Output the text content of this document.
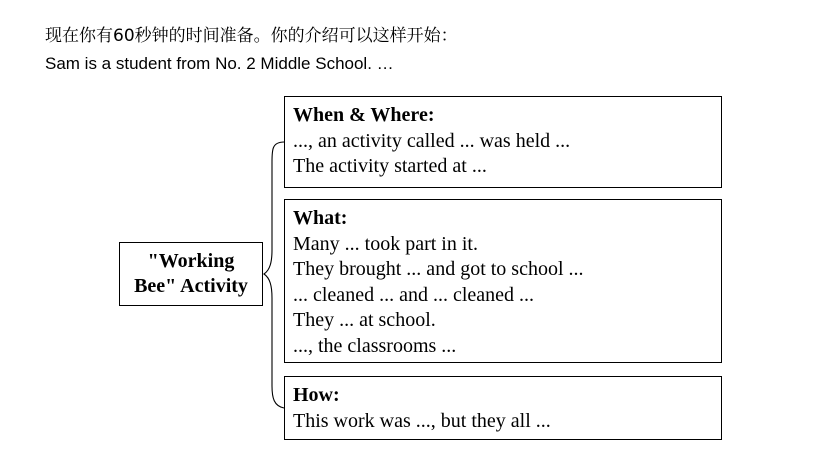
现在你有60秒钟的时间准备。你的介绍可以这样开始：
Sam is a student from No. 2 Middle School. …
"Working
Bee" Activity
When & Where:
..., an activity called ... was held ...
The activity started at ...
What:
Many ... took part in it.
They brought ... and got to school ...
... cleaned ... and ... cleaned ...
They ... at school.
..., the classrooms ...
How:
This work was ..., but they all ...
